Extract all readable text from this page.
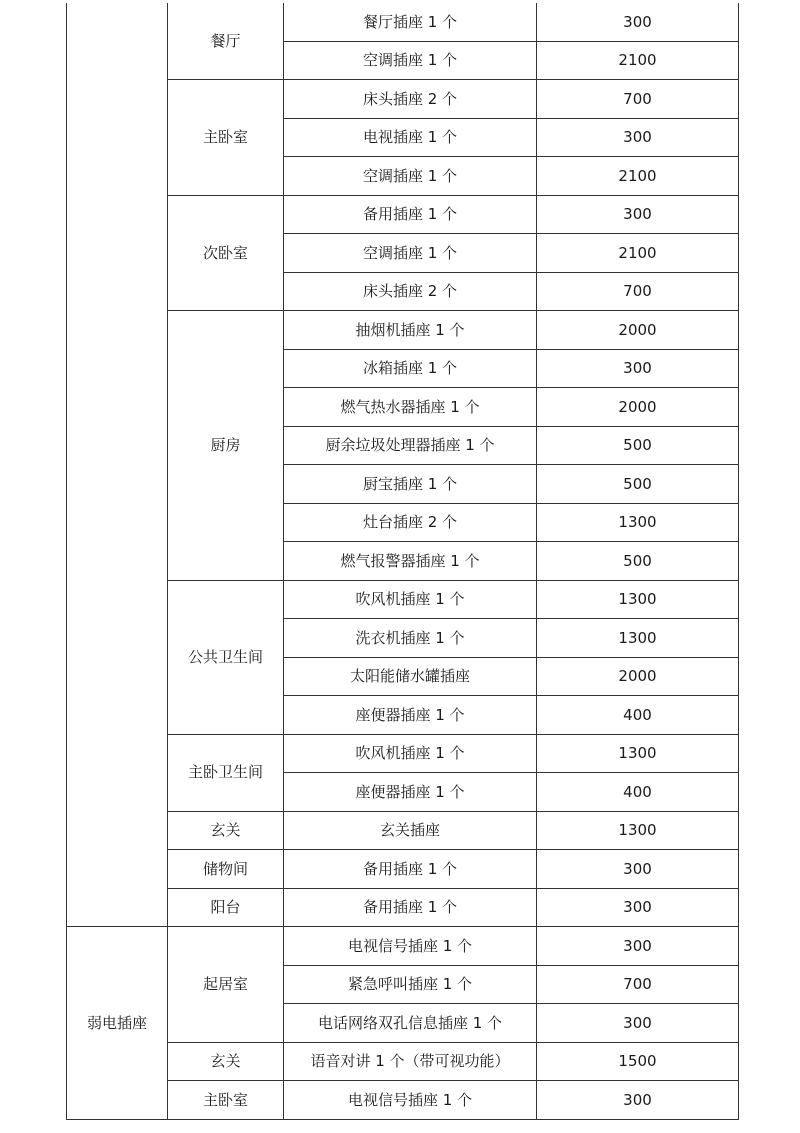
	餐厅	餐厅插座 1 个	300
		空调插座 1 个	2100
	主卧室	床头插座 2 个	700
		电视插座 1 个	300
		空调插座 1 个	2100
	次卧室	备用插座 1 个	300
		空调插座 1 个	2100
		床头插座 2 个	700
	厨房	抽烟机插座 1 个	2000
		冰箱插座 1 个	300
		燃气热水器插座 1 个	2000
		厨余垃圾处理器插座 1 个	500
		厨宝插座 1 个	500
		灶台插座 2 个	1300
		燃气报警器插座 1 个	500
	公共卫生间	吹风机插座 1 个	1300
		洗衣机插座 1 个	1300
		太阳能储水罐插座	2000
		座便器插座 1 个	400
	主卧卫生间	吹风机插座 1 个	1300
		座便器插座 1 个	400
	玄关	玄关插座	1300
	储物间	备用插座 1 个	300
	阳台	备用插座 1 个	300
弱电插座	起居室	电视信号插座 1 个	300
		紧急呼叫插座 1 个	700
		电话网络双孔信息插座 1 个	300
	玄关	语音对讲 1 个（带可视功能）	1500
	主卧室	电视信号插座 1 个	300
